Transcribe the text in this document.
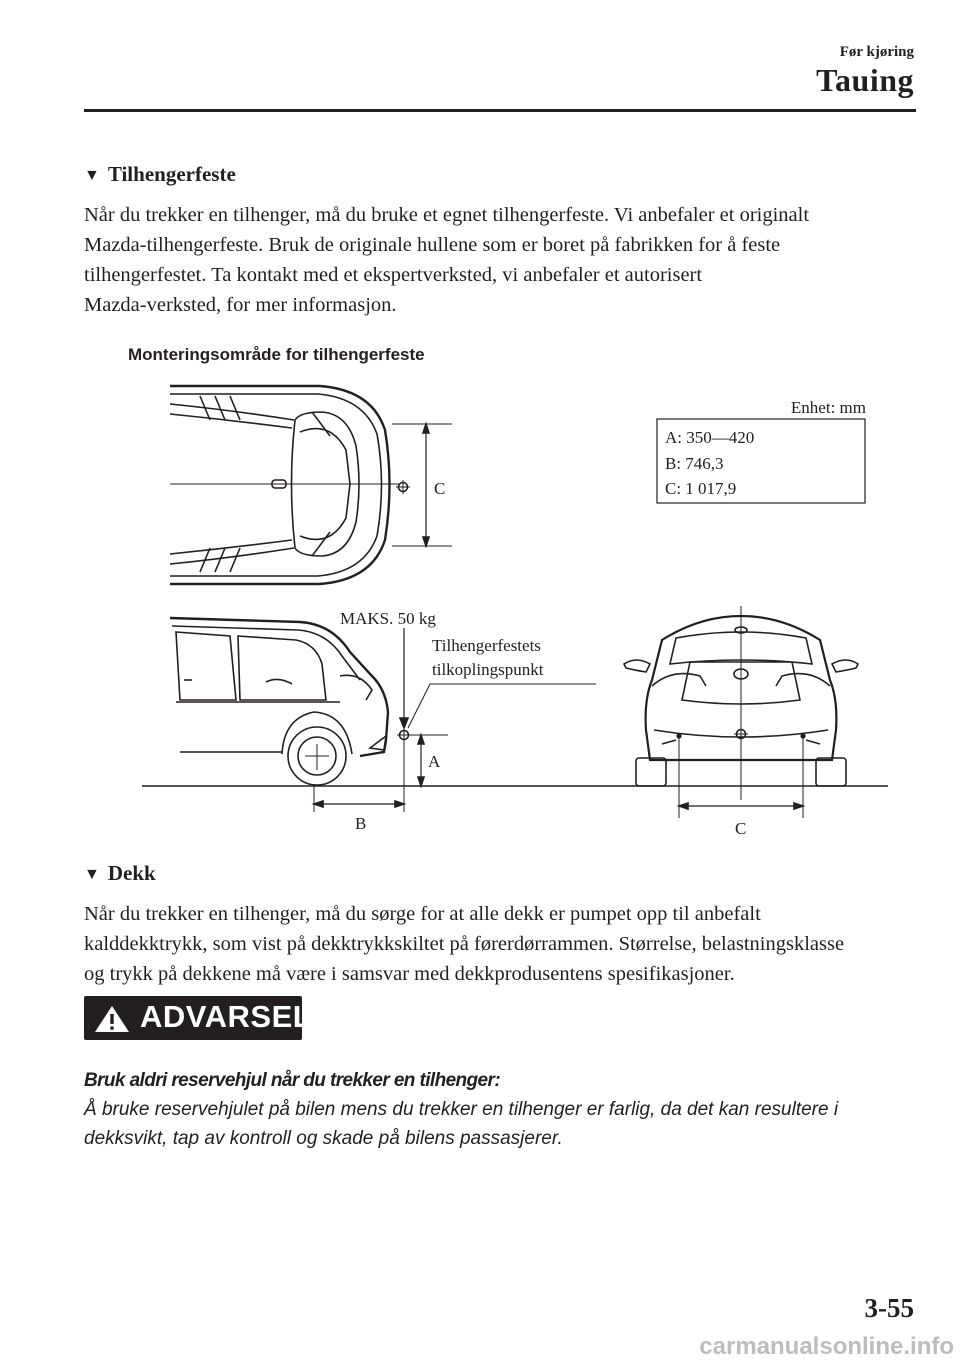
Før kjøring
Tauing
▼ Tilhengerfeste
Når du trekker en tilhenger, må du bruke et egnet tilhengerfeste. Vi anbefaler et originalt
Mazda-tilhengerfeste. Bruk de originale hullene som er boret på fabrikken for å feste
tilhengerfestet. Ta kontakt med et ekspertverksted, vi anbefaler et autorisert
Mazda-verksted, for mer informasjon.
Monteringsområde for tilhengerfeste
Enhet: mm
A: 350—420
B: 746,3
C: 1 017,9
C
MAKS. 50 kg
Tilhengerfestets
tilkoplingspunkt
A
B	C
▼ Dekk
Når du trekker en tilhenger, må du sørge for at alle dekk er pumpet opp til anbefalt
kalddekktrykk, som vist på dekktrykkskiltet på førerdørrammen. Størrelse, belastningsklasse
og trykk på dekkene må være i samsvar med dekkprodusentens spesifikasjoner.
ADVARSEL
Bruk aldri reservehjul når du trekker en tilhenger:
Å bruke reservehjulet på bilen mens du trekker en tilhenger er farlig, da det kan resultere i
dekksvikt, tap av kontroll og skade på bilens passasjerer.
3-55
carmanualsonline.info
